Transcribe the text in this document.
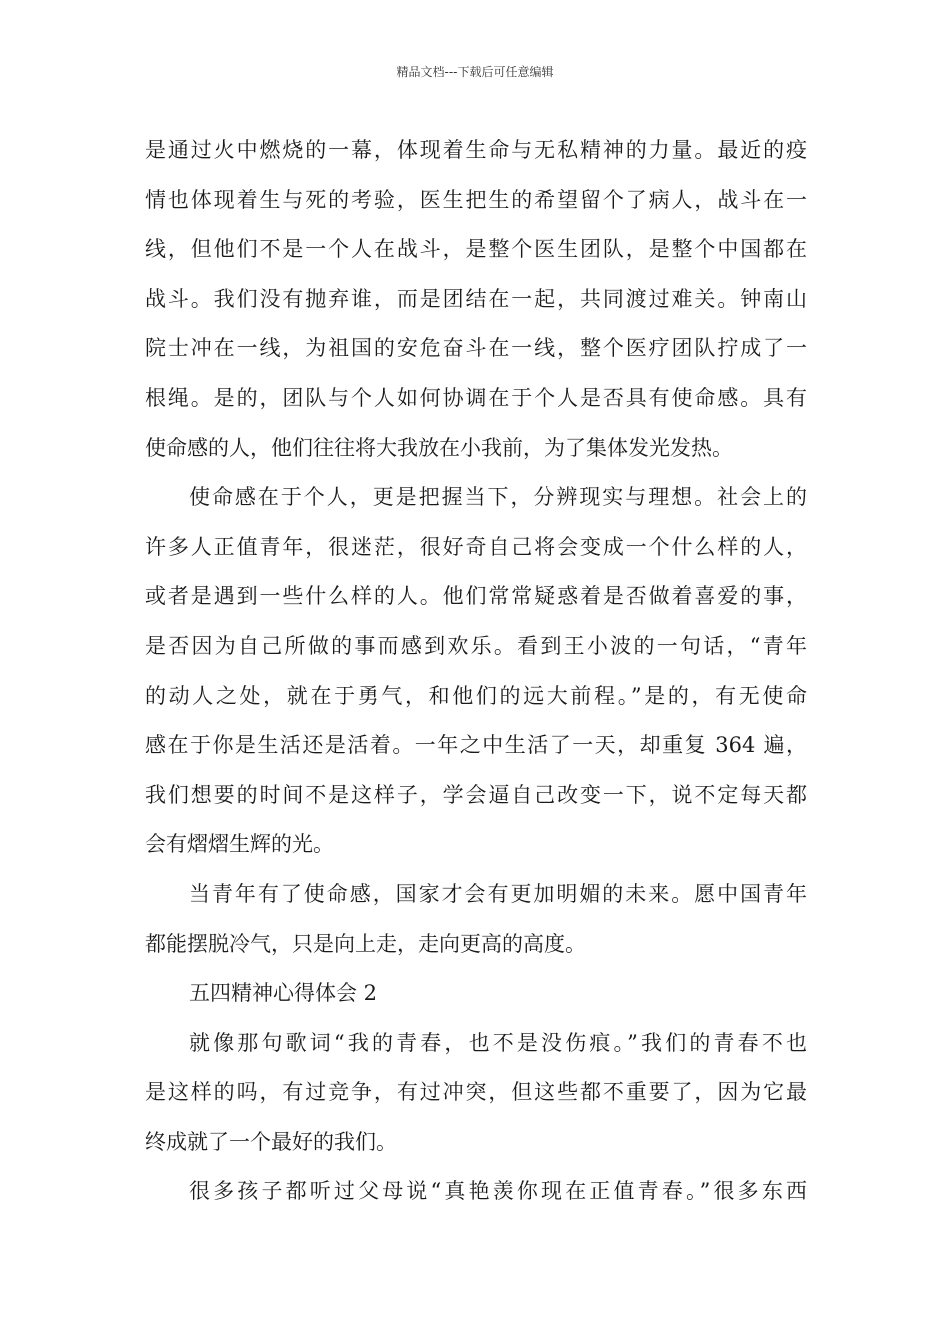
精品文档---下载后可任意编辑
是通过火中燃烧的一幕，体现着生命与无私精神的力量。最近的疫
情也体现着生与死的考验，医生把生的希望留个了病人，战斗在一
线，但他们不是一个人在战斗，是整个医生团队，是整个中国都在
战斗。我们没有抛弃谁，而是团结在一起，共同渡过难关。钟南山
院士冲在一线，为祖国的安危奋斗在一线，整个医疗团队拧成了一
根绳。是的，团队与个人如何协调在于个人是否具有使命感。具有
使命感的人，他们往往将大我放在小我前，为了集体发光发热。
使命感在于个人，更是把握当下，分辨现实与理想。社会上的
许多人正值青年，很迷茫，很好奇自己将会变成一个什么样的人，
或者是遇到一些什么样的人。他们常常疑惑着是否做着喜爱的事，
是否因为自己所做的事而感到欢乐。看到王小波的一句话，“青年
的动人之处，就在于勇气，和他们的远大前程。”是的，有无使命
感在于你是生活还是活着。一年之中生活了一天，却重复 364 遍，
我们想要的时间不是这样子，学会逼自己改变一下，说不定每天都
会有熠熠生辉的光。
当青年有了使命感，国家才会有更加明媚的未来。愿中国青年
都能摆脱冷气，只是向上走，走向更高的高度。
五四精神心得体会 2
就像那句歌词“我的青春，也不是没伤痕。”我们的青春不也
是这样的吗，有过竞争，有过冲突，但这些都不重要了，因为它最
终成就了一个最好的我们。
很多孩子都听过父母说“真艳羡你现在正值青春。”很多东西
